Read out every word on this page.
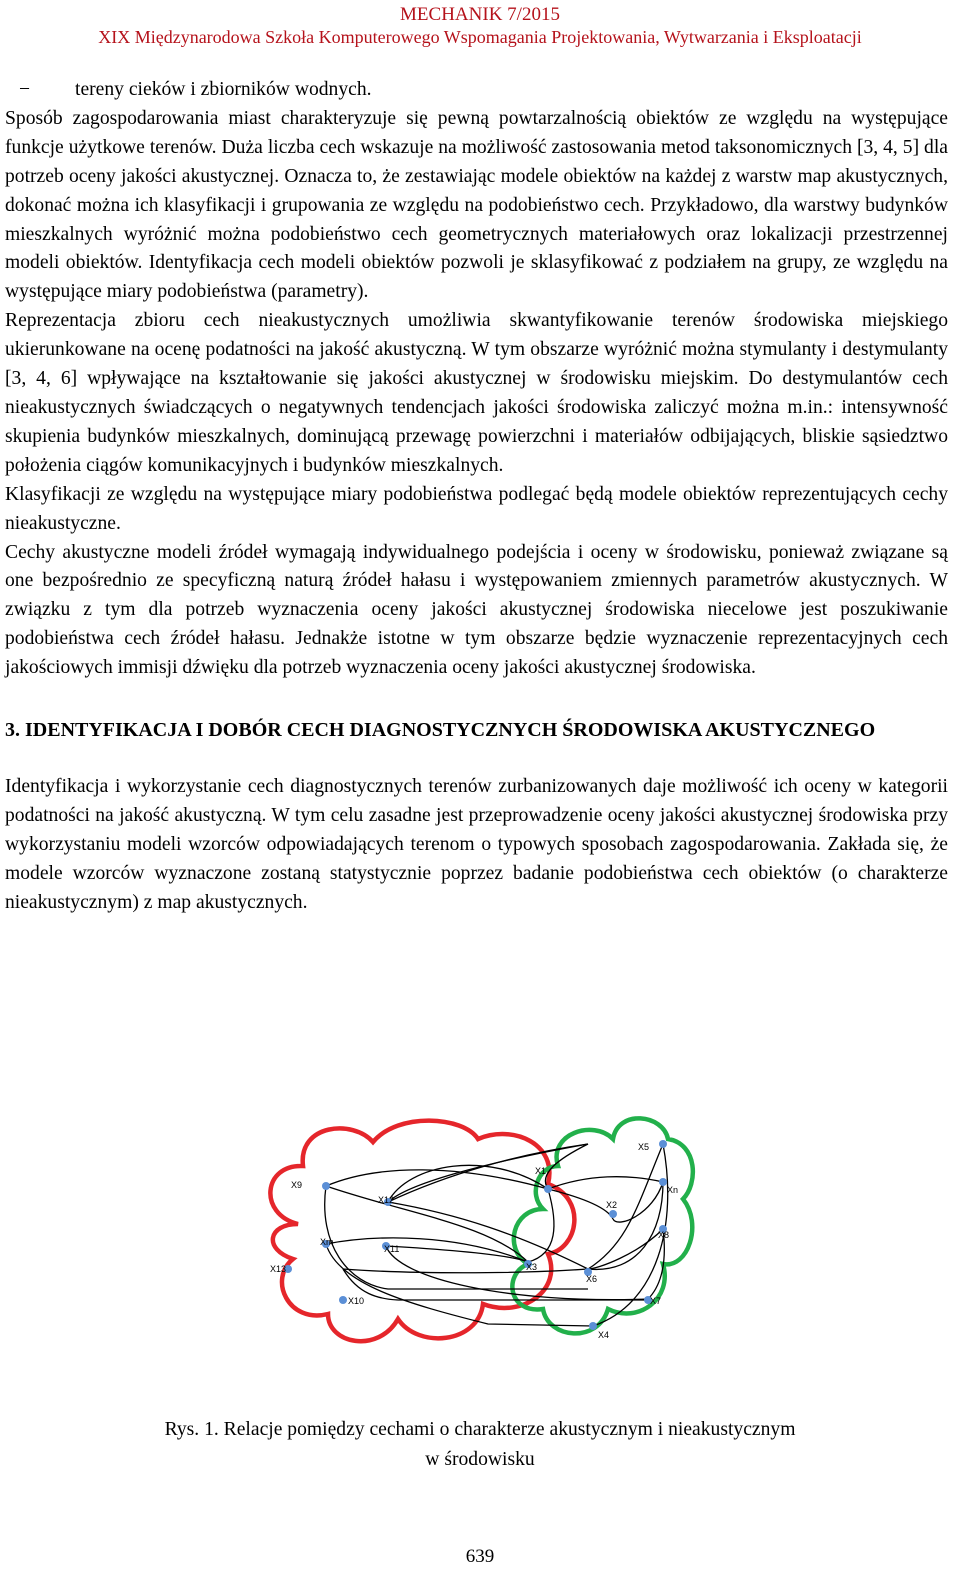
MECHANIK 7/2015
XIX Międzynarodowa Szkoła Komputerowego Wspomagania Projektowania, Wytwarzania i Eksploatacji

−	tereny cieków i zbiorników wodnych.

Sposób zagospodarowania miast charakteryzuje się pewną powtarzalnością obiektów ze względu na występujące funkcje użytkowe terenów. Duża liczba cech wskazuje na możliwość zastosowania metod taksonomicznych [3, 4, 5] dla potrzeb oceny jakości akustycznej. Oznacza to, że zestawiając modele obiektów na każdej z warstw map akustycznych, dokonać można ich klasyfikacji i grupowania ze względu na podobieństwo cech. Przykładowo, dla warstwy budynków mieszkalnych wyróżnić można podobieństwo cech geometrycznych materiałowych oraz lokalizacji przestrzennej modeli obiektów. Identyfikacja cech modeli obiektów pozwoli je sklasyfikować z podziałem na grupy, ze względu na występujące miary podobieństwa (parametry).

Reprezentacja zbioru cech nieakustycznych umożliwia skwantyfikowanie terenów środowiska miejskiego ukierunkowane na ocenę podatności na jakość akustyczną. W tym obszarze wyróżnić można stymulanty i destymulanty [3, 4, 6] wpływające na kształtowanie się jakości akustycznej w środowisku miejskim. Do destymulantów cech nieakustycznych świadczących o negatywnych tendencjach jakości środowiska zaliczyć można m.in.: intensywność skupienia budynków mieszkalnych, dominującą przewagę powierzchni i materiałów odbijających, bliskie sąsiedztwo położenia ciągów komunikacyjnych i budynków mieszkalnych.

Klasyfikacji ze względu na występujące miary podobieństwa podlegać będą modele obiektów reprezentujących cechy nieakustyczne.

Cechy akustyczne modeli źródeł wymagają indywidualnego podejścia i oceny w środowisku, ponieważ związane są one bezpośrednio ze specyficzną naturą źródeł hałasu i występowaniem zmiennych parametrów akustycznych. W związku z tym dla potrzeb wyznaczenia oceny jakości akustycznej środowiska niecelowe jest poszukiwanie podobieństwa cech źródeł hałasu. Jednakże istotne w tym obszarze będzie wyznaczenie reprezentacyjnych cech jakościowych immisji dźwięku dla potrzeb wyznaczenia oceny jakości akustycznej środowiska.

3. IDENTYFIKACJA I DOBÓR CECH DIAGNOSTYCZNYCH ŚRODOWISKA AKUSTYCZNEGO

Identyfikacja i wykorzystanie cech diagnostycznych terenów zurbanizowanych daje możliwość ich oceny w kategorii podatności na jakość akustyczną. W tym celu zasadne jest przeprowadzenie oceny jakości akustycznej środowiska przy wykorzystaniu modeli wzorców odpowiadających terenom o typowych sposobach zagospodarowania. Zakłada się, że modele wzorców wyznaczone zostaną statystycznie poprzez badanie podobieństwa cech obiektów (o charakterze nieakustycznym) z map akustycznych.

X9
X12
Xm
X11
X13
X10
X5
X1
Xn
X2
X8
X3
X6
X7
X4
Rys. 1. Relacje pomiędzy cechami o charakterze akustycznym i nieakustycznym
w środowisku
639
